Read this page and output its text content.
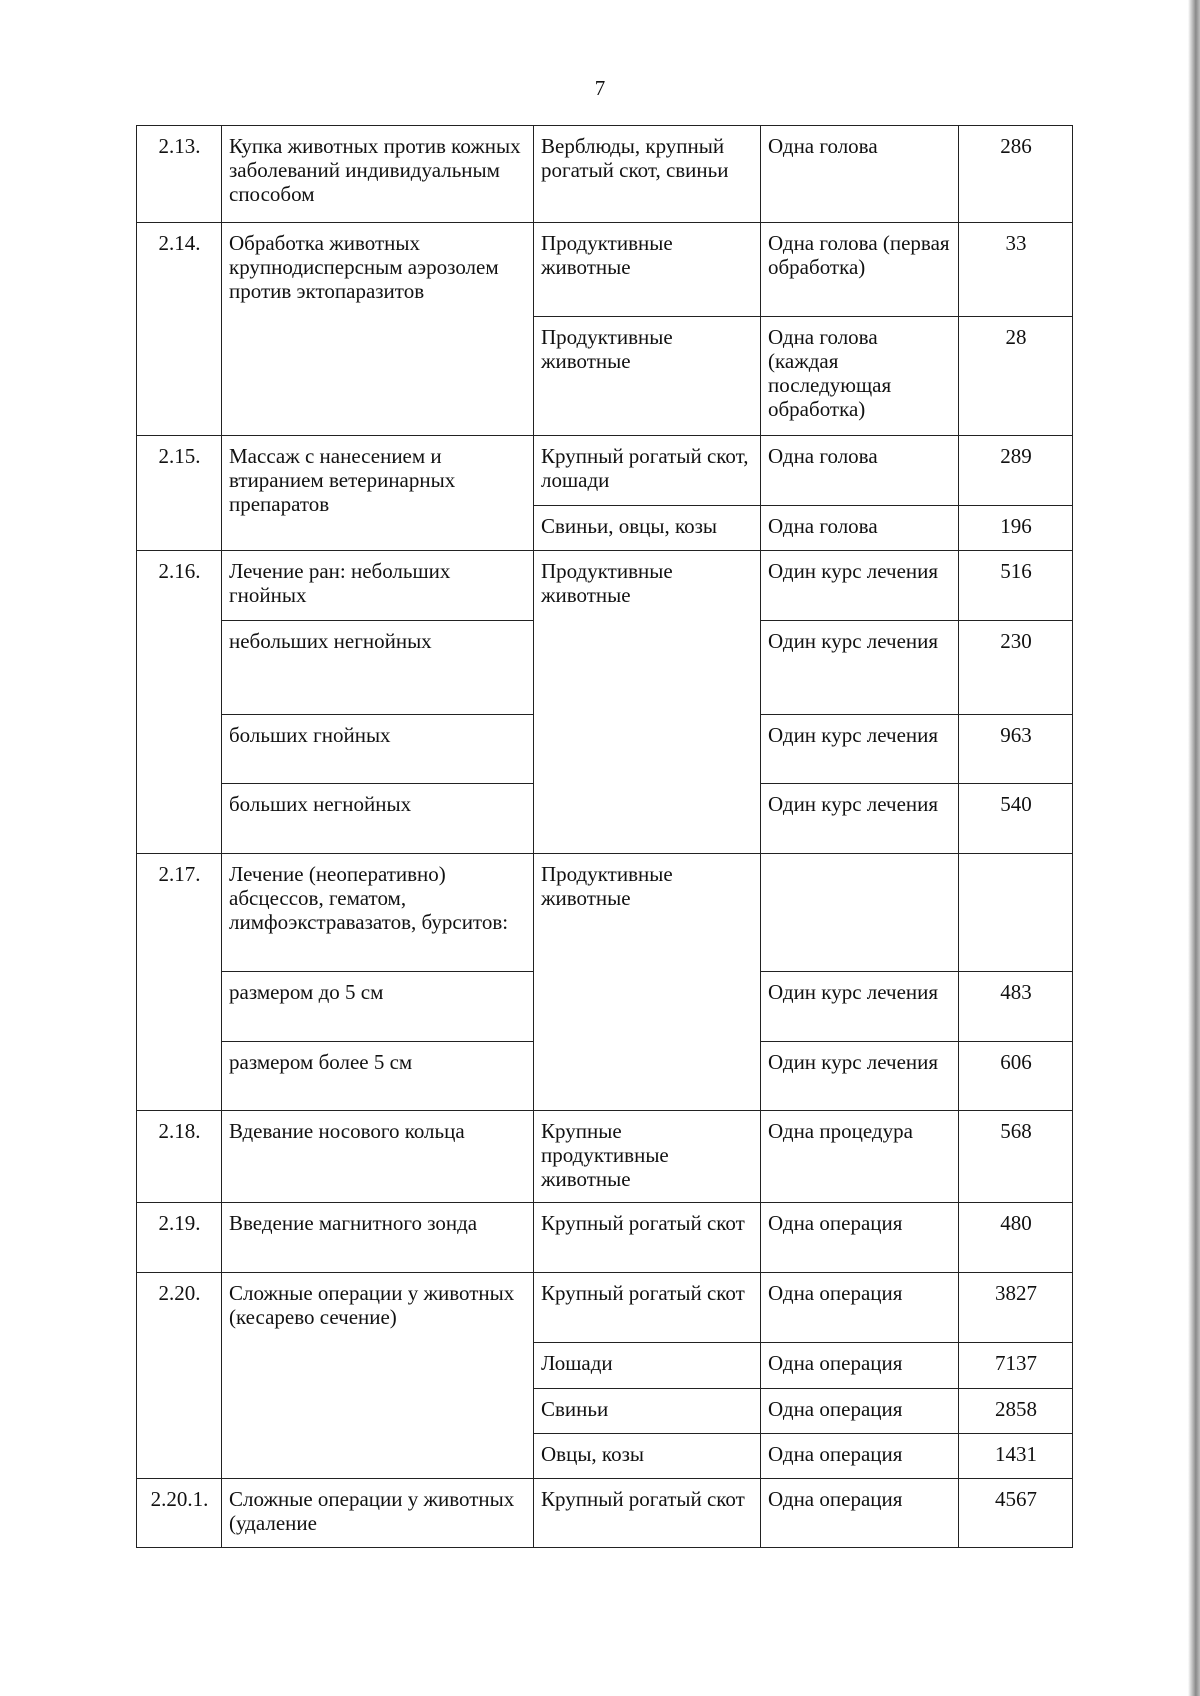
7
2.13.	Купка животных против кожных заболеваний индивидуальным способом	Верблюды, крупный рогатый скот, свиньи	Одна голова	286
2.14.	Обработка животных крупнодисперсным аэрозолем против эктопаразитов	Продуктивные животные	Одна голова (первая обработка)	33
		Продуктивные животные	Одна голова (каждая последующая обработка)	28
2.15.	Массаж с нанесением и втиранием ветеринарных препаратов	Крупный рогатый скот, лошади	Одна голова	289
		Свиньи, овцы, козы	Одна голова	196
2.16.	Лечение ран: небольших гнойных	Продуктивные животные	Один курс лечения	516
	небольших негнойных		Один курс лечения	230
	больших гнойных		Один курс лечения	963
	больших негнойных		Один курс лечения	540
2.17.	Лечение (неоперативно) абсцессов, гематом, лимфоэкстравазатов, бурситов:	Продуктивные животные		
	размером до 5 см		Один курс лечения	483
	размером более 5 см		Один курс лечения	606
2.18.	Вдевание носового кольца	Крупные продуктивные животные	Одна процедура	568
2.19.	Введение магнитного зонда	Крупный рогатый скот	Одна операция	480
2.20.	Сложные операции у животных (кесарево сечение)	Крупный рогатый скот	Одна операция	3827
		Лошади	Одна операция	7137
		Свиньи	Одна операция	2858
		Овцы, козы	Одна операция	1431
2.20.1.	Сложные операции у животных (удаление	Крупный рогатый скот	Одна операция	4567
